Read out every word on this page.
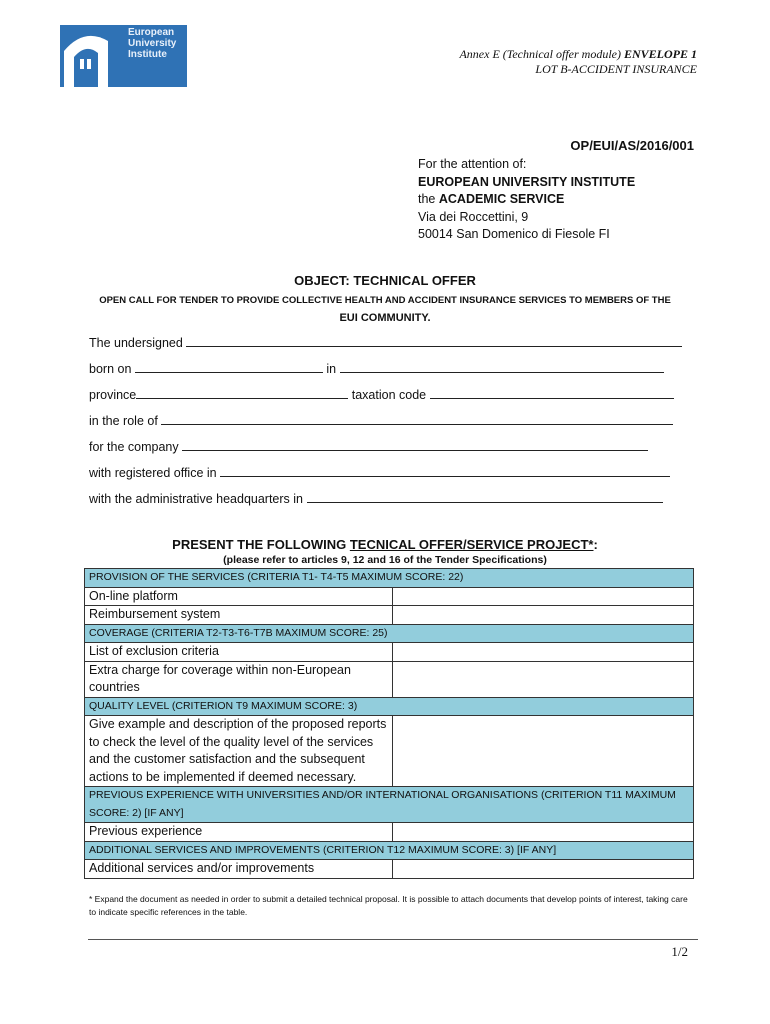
European
University
Institute	Annex E (Technical offer module) ENVELOPE 1
LOT B-ACCIDENT INSURANCE
OP/EUI/AS/2016/001
For the attention of:
EUROPEAN UNIVERSITY INSTITUTE
the ACADEMIC SERVICE
Via dei Roccettini, 9
50014 San Domenico di Fiesole FI
OBJECT: TECHNICAL OFFER
OPEN CALL FOR TENDER TO PROVIDE COLLECTIVE HEALTH AND ACCIDENT INSURANCE SERVICES TO MEMBERS OF THE
EUI COMMUNITY.
The undersigned
born on	in
province	taxation code
in the role of
for the company
with registered office in
with the administrative headquarters in
PRESENT THE FOLLOWING TECNICAL OFFER/SERVICE PROJECT*:
(please refer to articles 9, 12 and 16 of the Tender Specifications)
PROVISION OF THE SERVICES (CRITERIA T1- T4-T5 MAXIMUM SCORE: 22)	
On-line platform	
Reimbursement system	
COVERAGE (CRITERIA T2-T3-T6-T7B MAXIMUM SCORE: 25)	
List of exclusion criteria	
Extra charge for coverage within non-European countries	
QUALITY LEVEL (CRITERION T9 MAXIMUM SCORE: 3)	
Give example and description of the proposed reports to check the level of the quality level of the services and the customer satisfaction and the subsequent actions to be implemented if deemed necessary.	
PREVIOUS EXPERIENCE WITH UNIVERSITIES AND/OR INTERNATIONAL ORGANISATIONS (CRITERION T11 MAXIMUM SCORE: 2) [IF ANY]	
Previous experience	
ADDITIONAL SERVICES AND IMPROVEMENTS (CRITERION T12 MAXIMUM SCORE: 3) [IF ANY]	
Additional services and/or improvements	
* Expand the document as needed in order to submit a detailed technical proposal. It is possible to attach documents that develop points of interest, taking care to indicate specific references in the table.
1/2
